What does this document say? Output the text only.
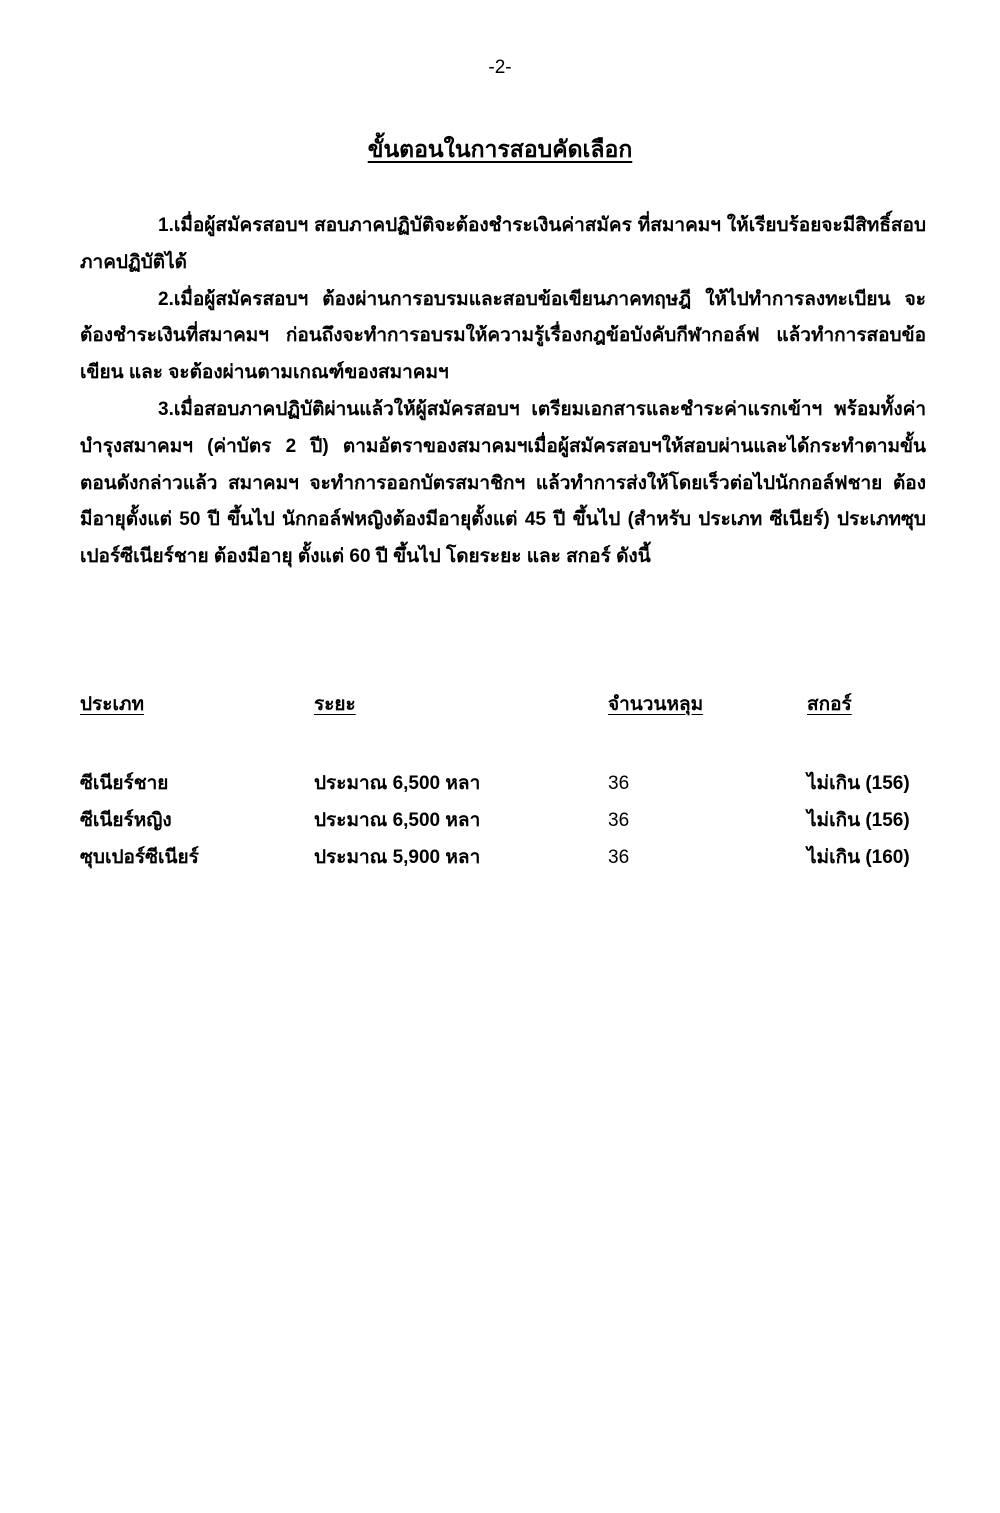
-2-
ขั้นตอนในการสอบคัดเลือก

1.เมื่อผู้สมัครสอบฯ สอบภาคปฏิบัติจะต้องชำระเงินค่าสมัคร ที่สมาคมฯ ให้เรียบร้อยจะมีสิทธิ์สอบภาคปฏิบัติได้

2.เมื่อผู้สมัครสอบฯ ต้องผ่านการอบรมและสอบข้อเขียนภาคทฤษฎี ให้ไปทำการลงทะเบียน จะต้องชำระเงินที่สมาคมฯ ก่อนถึงจะทำการอบรมให้ความรู้เรื่องกฎข้อบังคับกีฬากอล์ฟ แล้วทำการสอบข้อเขียน และ จะต้องผ่านตามเกณฑ์ของสมาคมฯ

3.เมื่อสอบภาคปฏิบัติผ่านแล้วให้ผู้สมัครสอบฯ เตรียมเอกสารและชำระค่าแรกเข้าฯ พร้อมทั้งค่าบำรุงสมาคมฯ (ค่าบัตร 2 ปี) ตามอัตราของสมาคมฯเมื่อผู้สมัครสอบฯให้สอบผ่านและได้กระทำตามขั้นตอนดังกล่าวแล้ว สมาคมฯ จะทำการออกบัตรสมาชิกฯ แล้วทำการส่งให้โดยเร็วต่อไปนักกอล์ฟชาย ต้องมีอายุตั้งแต่ 50 ปี ขึ้นไป นักกอล์ฟหญิงต้องมีอายุตั้งแต่ 45 ปี ขึ้นไป (สำหรับ ประเภท ซีเนียร์) ประเภทซุบเปอร์ซีเนียร์ชาย ต้องมีอายุ ตั้งแต่ 60 ปี ขึ้นไป โดยระยะ และ สกอร์ ดังนี้

ประเภท	ระยะ	จำนวนหลุม	สกอร์
ซีเนียร์ชาย	ประมาณ 6,500 หลา	36	ไม่เกิน (156)
ซีเนียร์หญิง	ประมาณ 6,500 หลา	36	ไม่เกิน (156)
ซุบเปอร์ซีเนียร์	ประมาณ 5,900 หลา	36	ไม่เกิน (160)
